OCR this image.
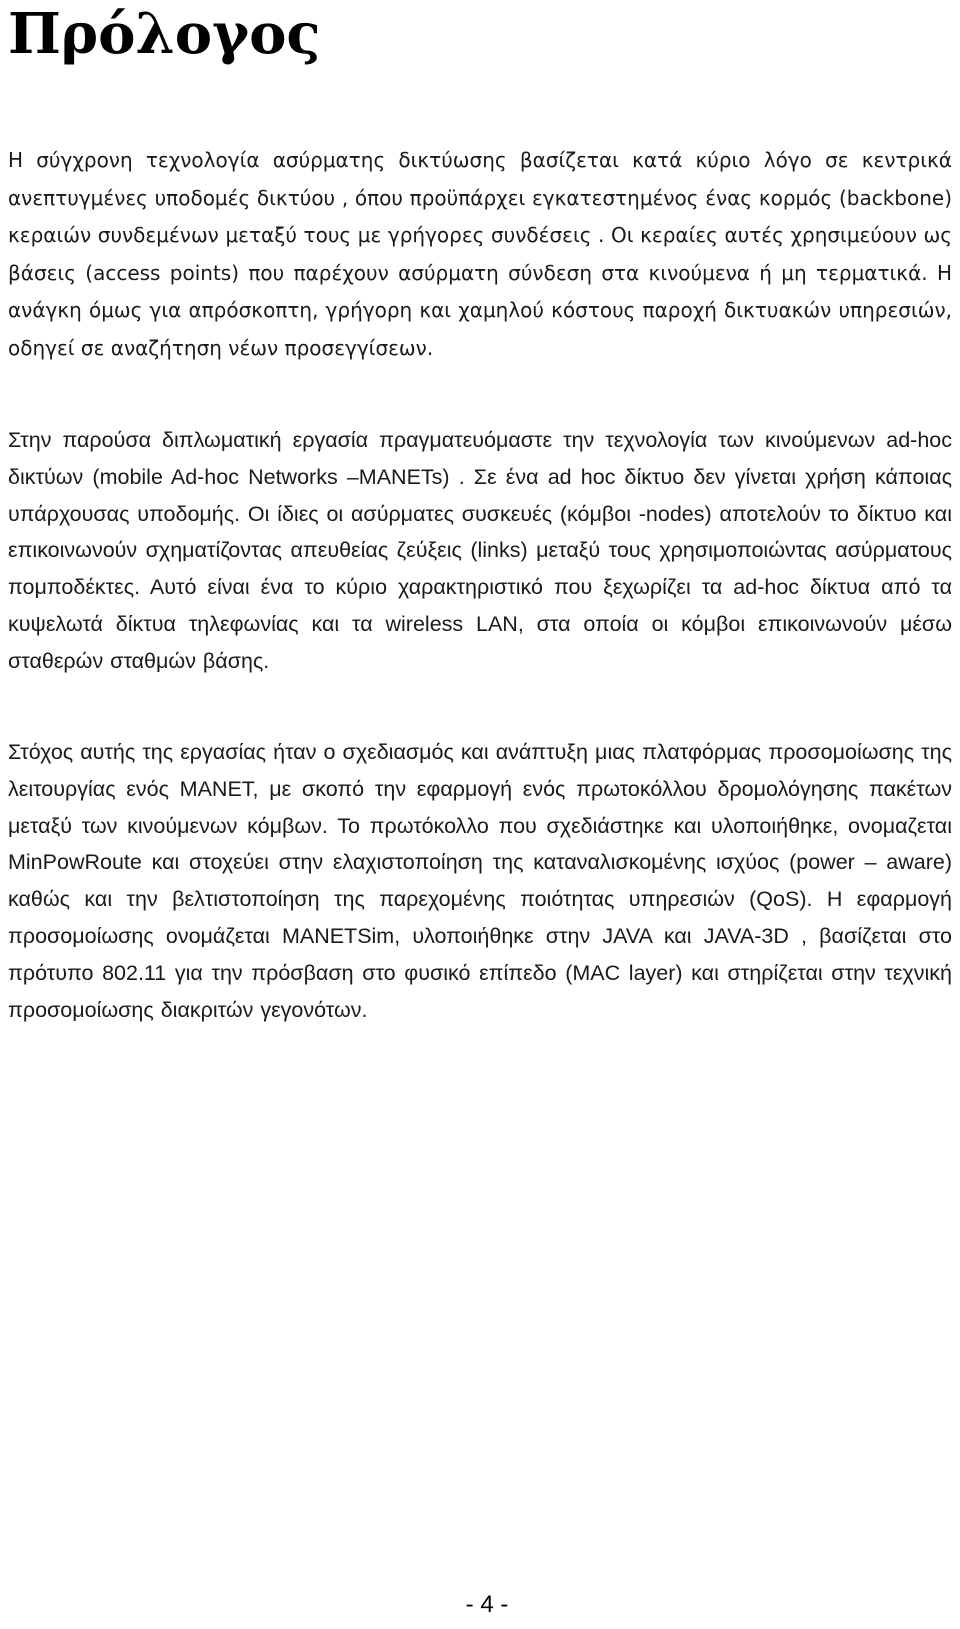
Πρόλογος

Η σύγχρονη τεχνολογία ασύρματης δικτύωσης βασίζεται κατά κύριο λόγο σε κεντρικά ανεπτυγμένες υποδομές δικτύου , όπου προϋπάρχει εγκατεστημένος ένας κορμός (backbone) κεραιών συνδεμένων μεταξύ τους με γρήγορες συνδέσεις . Οι κεραίες αυτές χρησιμεύουν ως βάσεις (access points) που παρέχουν ασύρματη σύνδεση στα κινούμενα ή μη τερματικά. Η ανάγκη όμως για απρόσκοπτη, γρήγορη και χαμηλού κόστους παροχή δικτυακών υπηρεσιών, οδηγεί σε αναζήτηση νέων προσεγγίσεων.

Στην παρούσα διπλωματική εργασία πραγματευόμαστε την τεχνολογία των κινούμενων ad-hoc δικτύων (mobile Ad-hoc Networks –MANETs) . Σε ένα ad hoc δίκτυο δεν γίνεται χρήση κάποιας υπάρχουσας υποδομής. Οι ίδιες οι ασύρματες συσκευές (κόμβοι -nodes) αποτελούν το δίκτυο και επικοινωνούν σχηματίζοντας απευθείας ζεύξεις (links) μεταξύ τους χρησιμοποιώντας ασύρματους πομποδέκτες. Αυτό είναι ένα το κύριο χαρακτηριστικό που ξεχωρίζει τα ad-hoc δίκτυα από τα κυψελωτά δίκτυα τηλεφωνίας και τα wireless LAN, στα οποία οι κόμβοι επικοινωνούν μέσω σταθερών σταθμών βάσης.

Στόχος αυτής της εργασίας ήταν ο σχεδιασμός και ανάπτυξη μιας πλατφόρμας προσομοίωσης της λειτουργίας ενός MANET, με σκοπό την εφαρμογή ενός πρωτοκόλλου δρομολόγησης πακέτων μεταξύ των κινούμενων κόμβων. Το πρωτόκολλο που σχεδιάστηκε και υλοποιήθηκε, ονομαζεται MinPowRoute και στοχεύει στην ελαχιστοποίηση της καταναλισκομένης ισχύος (power – aware) καθώς και την βελτιστοποίηση της παρεχομένης ποιότητας υπηρεσιών (QoS). Η εφαρμογή προσομοίωσης ονομάζεται MANETSim, υλοποιήθηκε στην JAVA και JAVA-3D , βασίζεται στο πρότυπο 802.11 για την πρόσβαση στο φυσικό επίπεδο (MAC layer) και στηρίζεται στην τεχνική προσομοίωσης διακριτών γεγονότων.

- 4 -
